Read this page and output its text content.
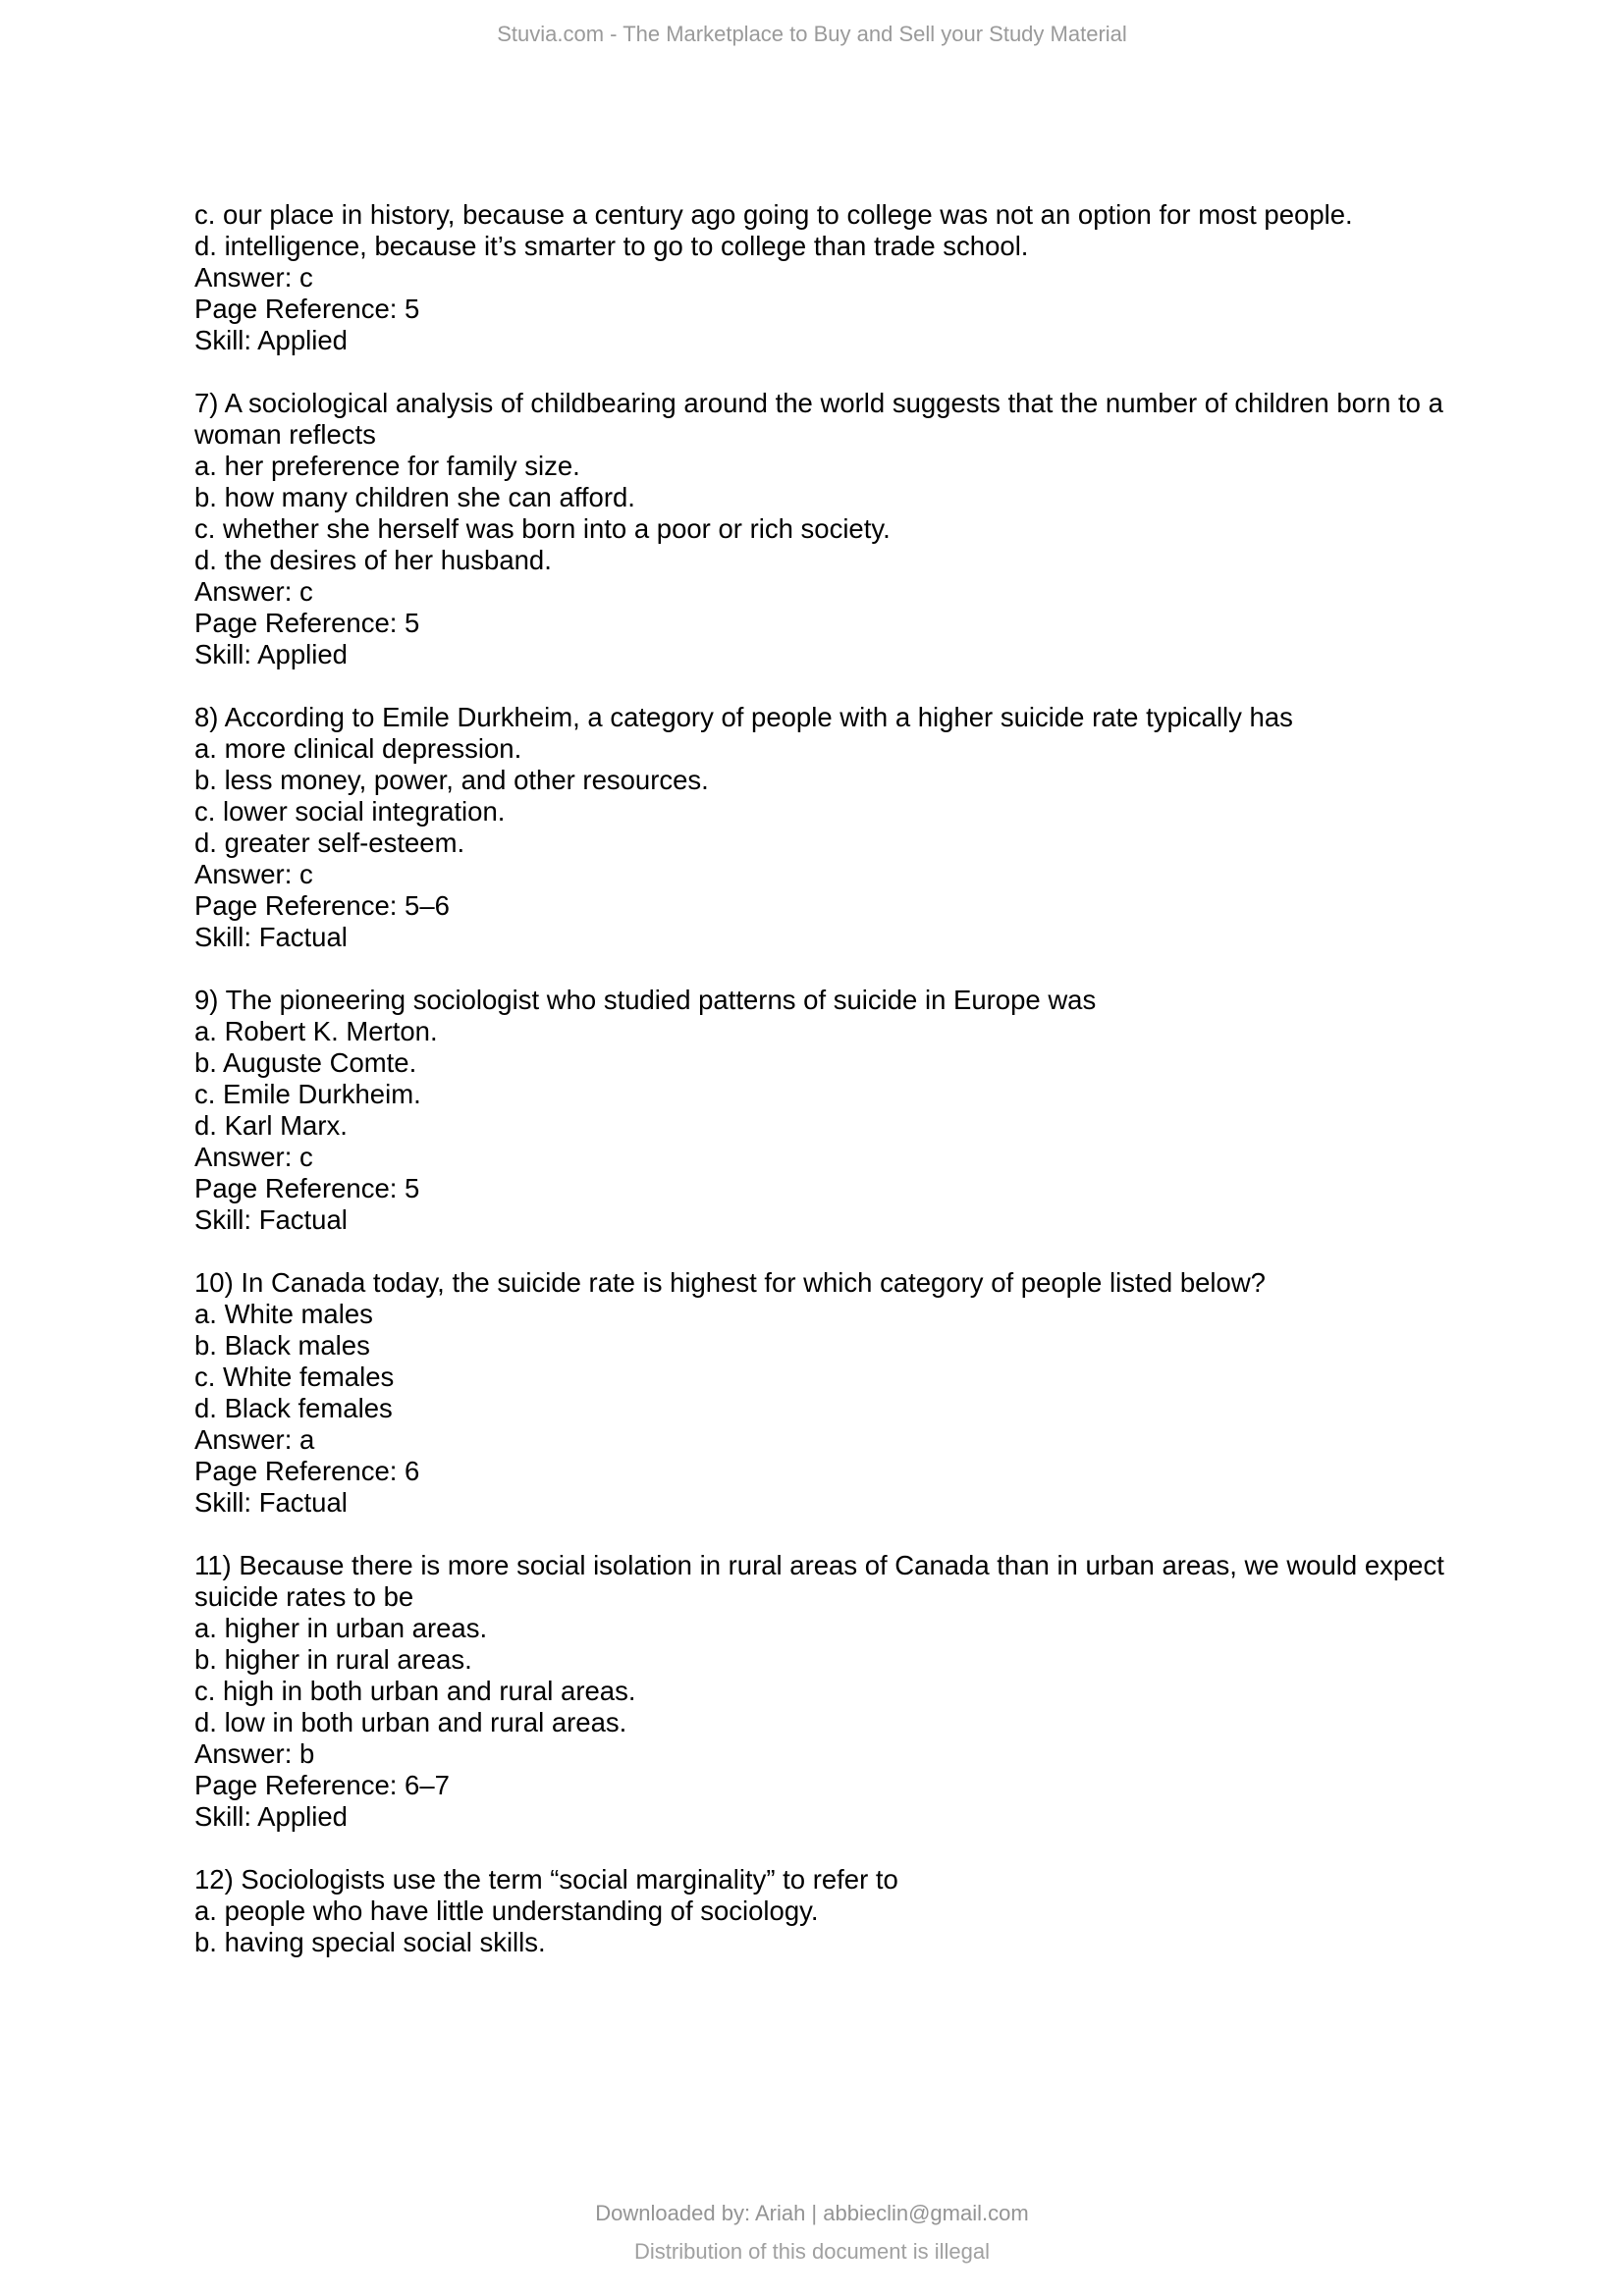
Stuvia.com - The Marketplace to Buy and Sell your Study Material

c. our place in history, because a century ago going to college was not an option for most people.

d. intelligence, because it’s smarter to go to college than trade school.

Answer: c

Page Reference: 5

Skill: Applied

7) A sociological analysis of childbearing around the world suggests that the number of children born to a

woman reflects

a. her preference for family size.

b. how many children she can afford.

c. whether she herself was born into a poor or rich society.

d. the desires of her husband.

Answer: c

Page Reference: 5

Skill: Applied

8) According to Emile Durkheim, a category of people with a higher suicide rate typically has

a. more clinical depression.

b. less money, power, and other resources.

c. lower social integration.

d. greater self-esteem.

Answer: c

Page Reference: 5–6

Skill: Factual

9) The pioneering sociologist who studied patterns of suicide in Europe was

a. Robert K. Merton.

b. Auguste Comte.

c. Emile Durkheim.

d. Karl Marx.

Answer: c

Page Reference: 5

Skill: Factual

10) In Canada today, the suicide rate is highest for which category of people listed below?

a. White males

b. Black males

c. White females

d. Black females

Answer: a

Page Reference: 6

Skill: Factual

11) Because there is more social isolation in rural areas of Canada than in urban areas, we would expect

suicide rates to be

a. higher in urban areas.

b. higher in rural areas.

c. high in both urban and rural areas.

d. low in both urban and rural areas.

Answer: b

Page Reference: 6–7

Skill: Applied

12) Sociologists use the term “social marginality” to refer to

a. people who have little understanding of sociology.

b. having special social skills.

Downloaded by: Ariah | abbieclin@gmail.com
Distribution of this document is illegal
